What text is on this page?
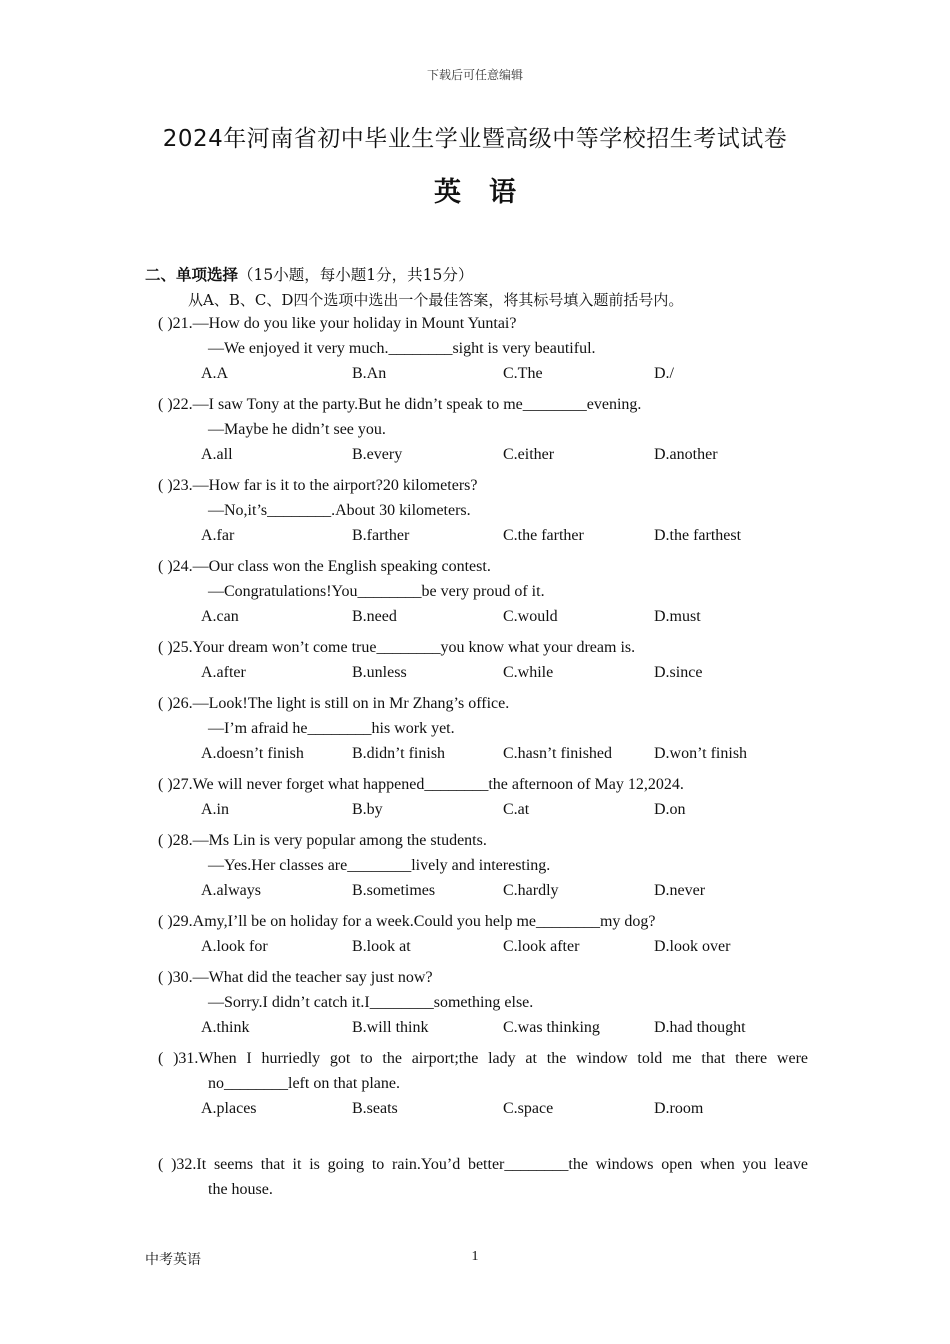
下载后可任意编辑
2024年河南省初中毕业生学业暨高级中等学校招生考试试卷
英语
二、单项选择（15小题，每小题1分，共15分）
从A、B、C、D四个选项中选出一个最佳答案，将其标号填入题前括号内。
( )21.—How do you like your holiday in Mount Yuntai?
—We enjoyed it very much.________sight is very beautiful.
A.A	B.An	C.The	D./
( )22.—I saw Tony at the party.But he didn’t speak to me________evening.
—Maybe he didn’t see you.
A.all	B.every	C.either	D.another
( )23.—How far is it to the airport?20 kilometers?
—No,it’s________.About 30 kilometers.
A.far	B.farther	C.the farther	D.the farthest
( )24.—Our class won the English speaking contest.
—Congratulations!You________be very proud of it.
A.can	B.need	C.would	D.must
( )25.Your dream won’t come true________you know what your dream is.
A.after	B.unless	C.while	D.since
( )26.—Look!The light is still on in Mr Zhang’s office.
—I’m afraid he________his work yet.
A.doesn’t finish	B.didn’t finish	C.hasn’t finished	D.won’t finish
( )27.We will never forget what happened________the afternoon of May 12,2024.
A.in	B.by	C.at	D.on
( )28.—Ms Lin is very popular among the students.
—Yes.Her classes are________lively and interesting.
A.always	B.sometimes	C.hardly	D.never
( )29.Amy,I’ll be on holiday for a week.Could you help me________my dog?
A.look for	B.look at	C.look after	D.look over
( )30.—What did the teacher say just now?
—Sorry.I didn’t catch it.I________something else.
A.think	B.will think	C.was thinking	D.had thought
( )31.When I hurriedly got to the airport;the lady at the window told me that there were
no________left on that plane.
A.places	B.seats	C.space	D.room
( )32.It seems that it is going to rain.You’d better________the windows open when you leave
the house.
中考英语	1
